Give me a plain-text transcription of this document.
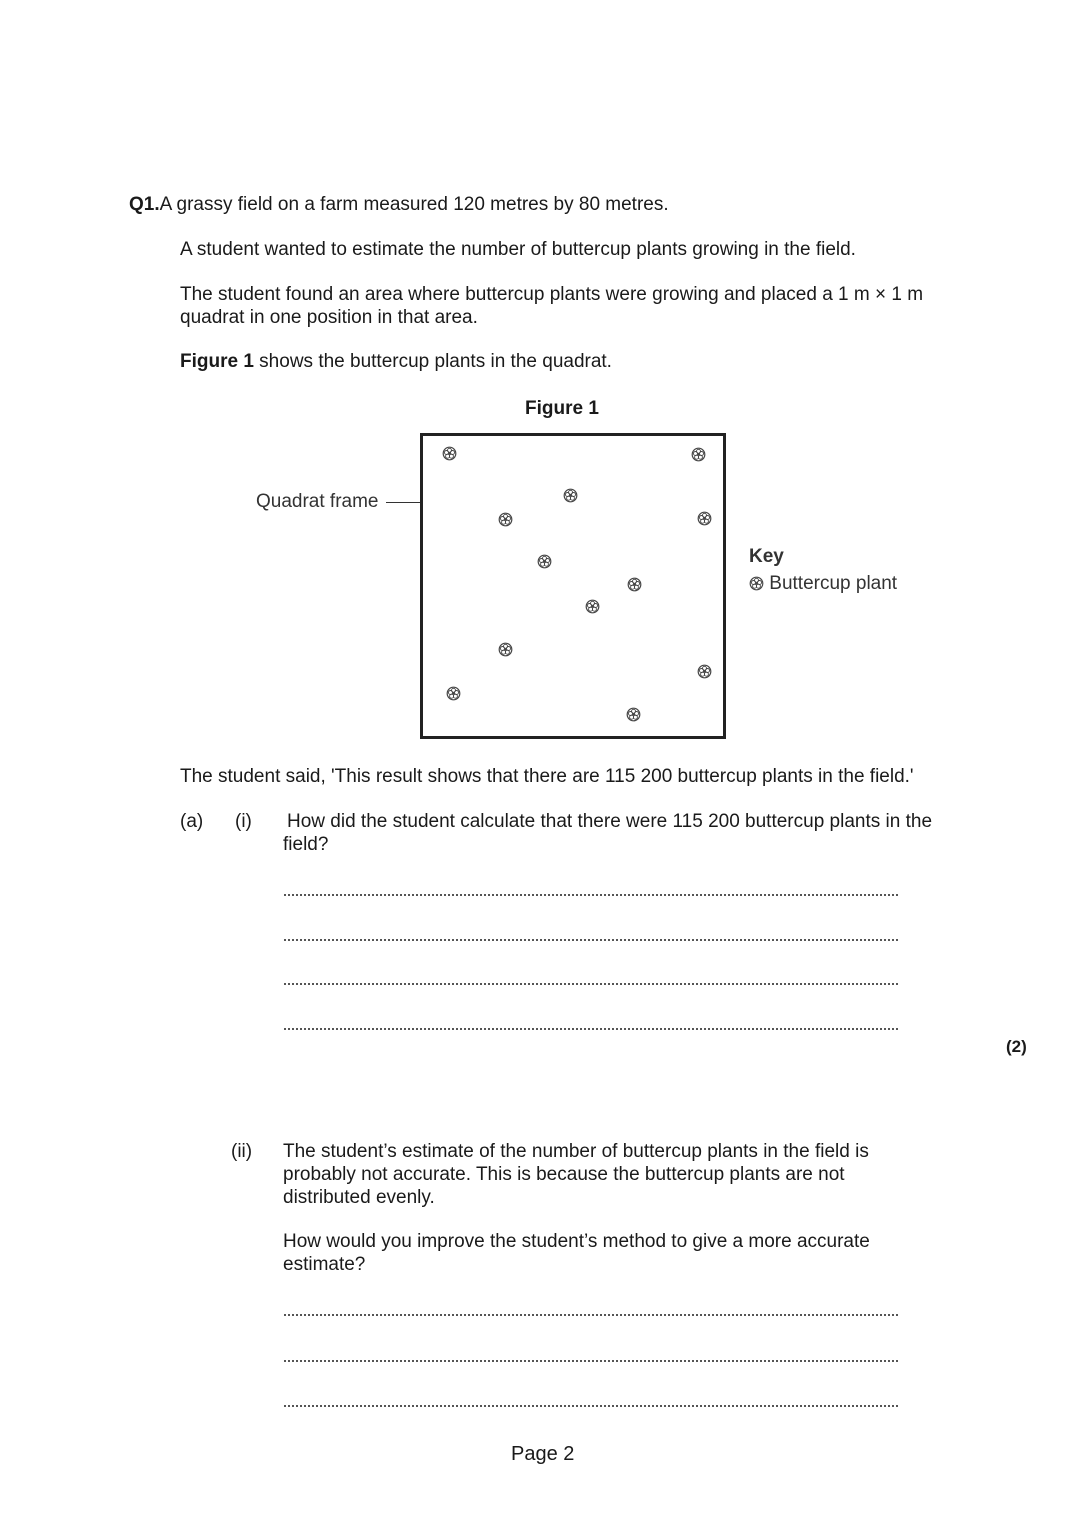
Q1.A grassy field on a farm measured 120 metres by 80 metres.
A student wanted to estimate the number of buttercup plants growing in the field.
The student found an area where buttercup plants were growing and placed a 1 m × 1 m
quadrat in one position in that area.
Figure 1 shows the buttercup plants in the quadrat.
Figure 1
Quadrat frame
Key
Buttercup plant
The student said, 'This result shows that there are 115 200 buttercup plants in the field.'
(a) (i) How did the student calculate that there were 115 200 buttercup plants in the
field?
(2)
(ii) The student’s estimate of the number of buttercup plants in the field is
probably not accurate. This is because the buttercup plants are not
distributed evenly.
How would you improve the student’s method to give a more accurate
estimate?
Page 2
